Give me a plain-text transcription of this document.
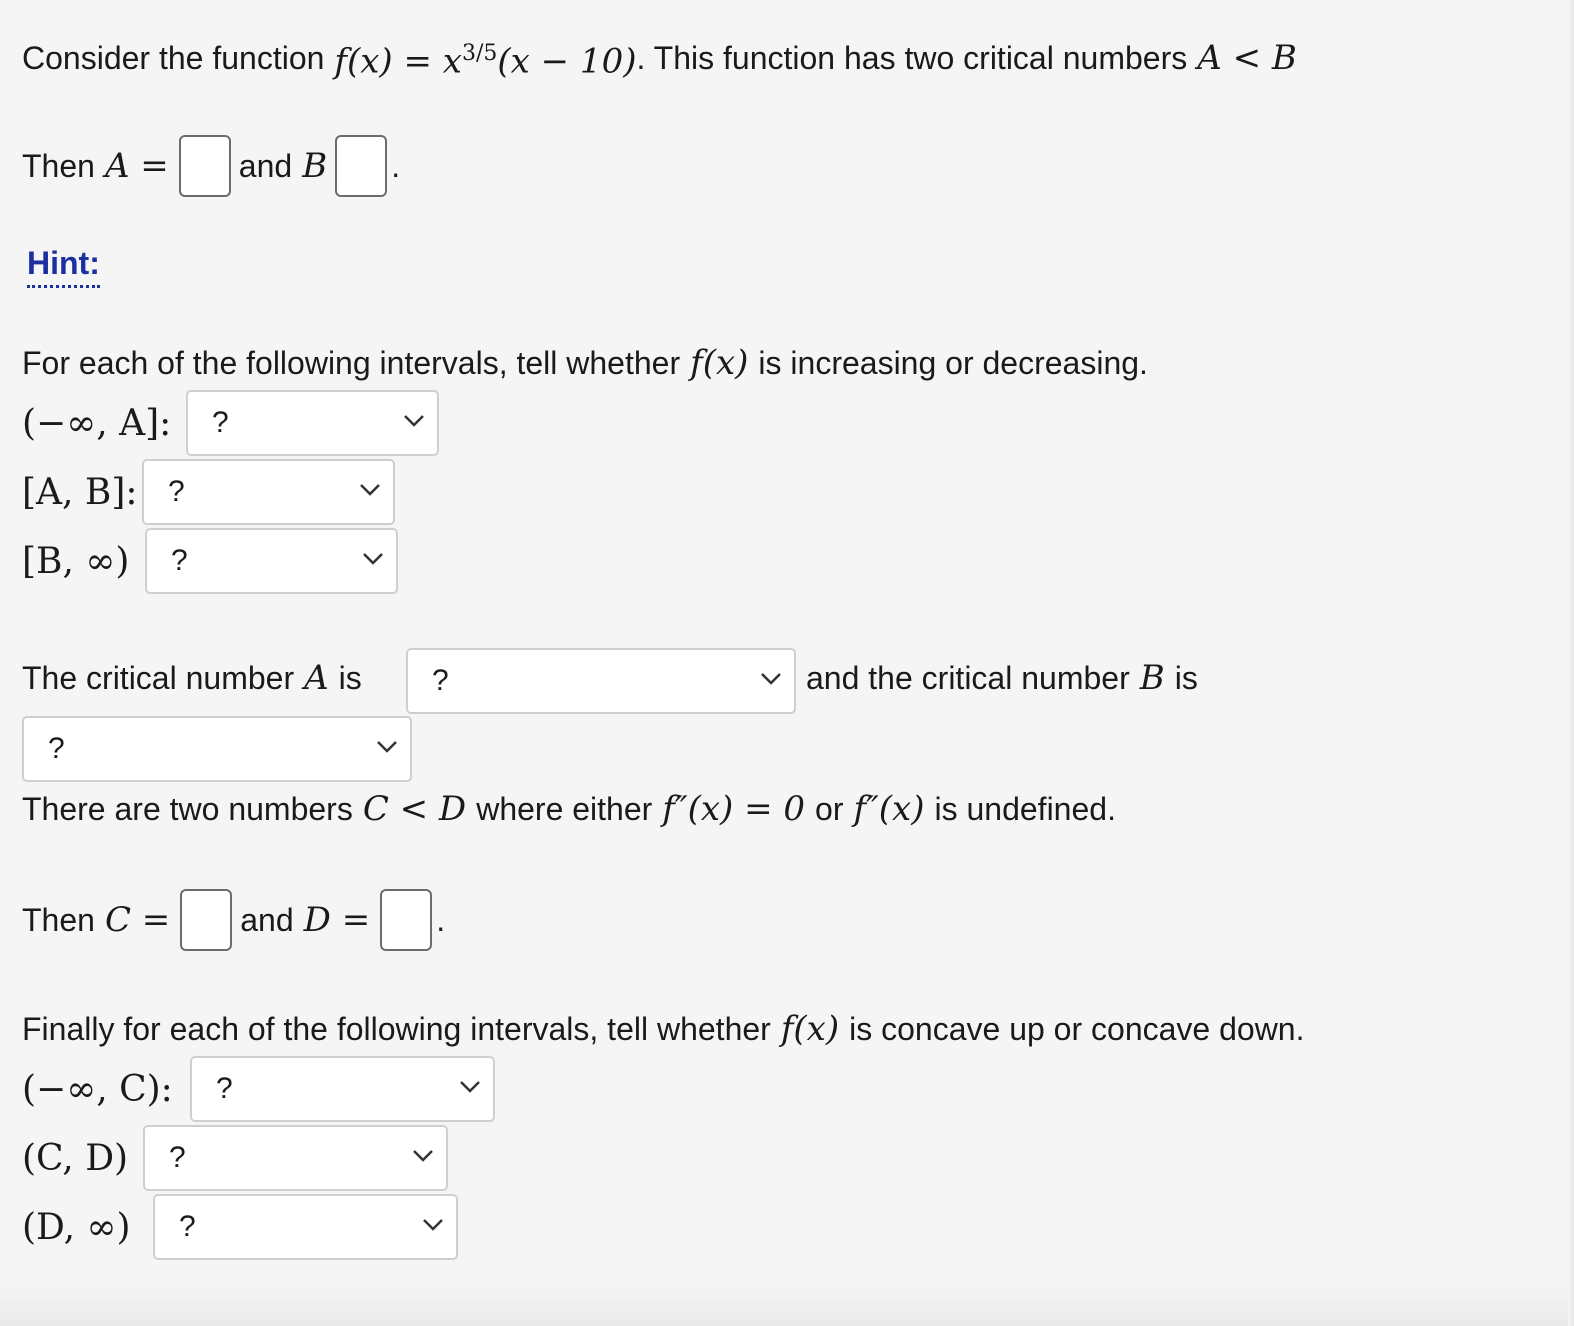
Consider the function $f(x) = x^{3/5}(x - 10)$ . This function has two critical numbers A < B
Then A = and B .
Hint:
For each of the following intervals, tell whether f(x) is increasing or decreasing.
(−∞, A]:	?
[A, B]:	?
[B, ∞)	?
The critical number A is	?	and the critical number B is
?
There are two numbers C < D where either f″(x) = 0 or f″(x) is undefined.
Then C = and D = .
Finally for each of the following intervals, tell whether f(x) is concave up or concave down.
(−∞, C):	?
(C, D)	?
(D, ∞)	?
